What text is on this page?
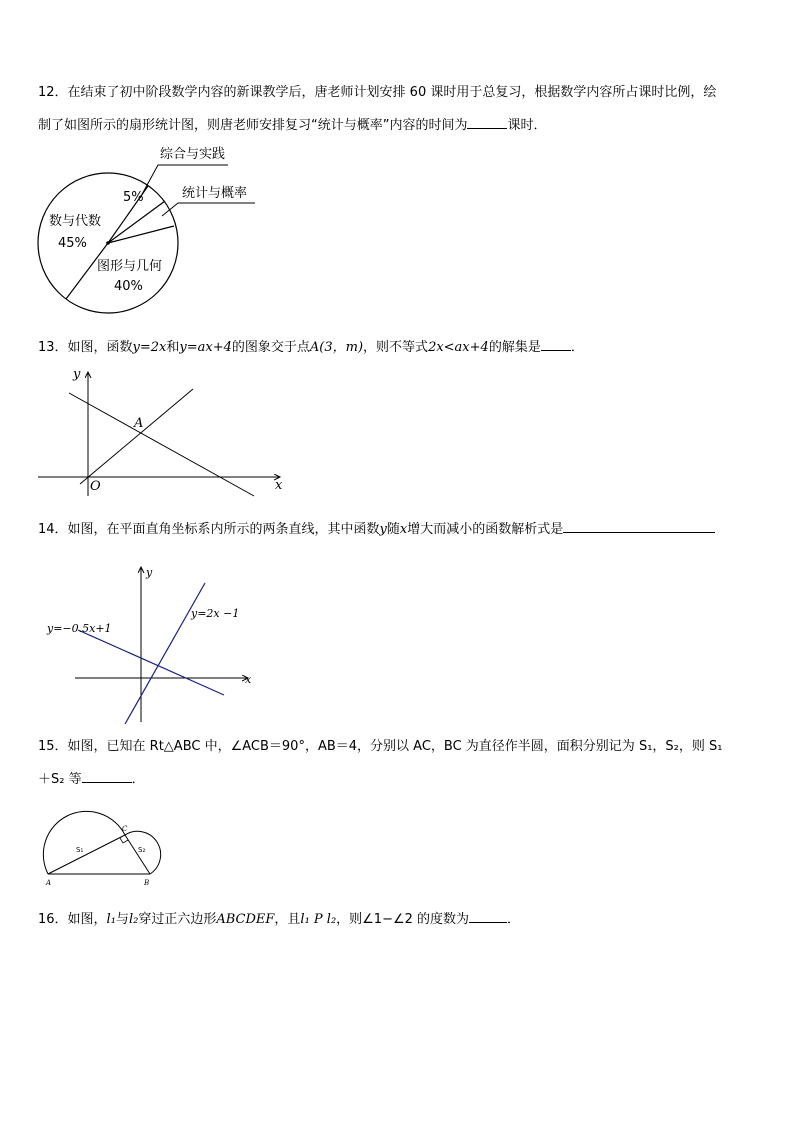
12．在结束了初中阶段数学内容的新课教学后，唐老师计划安排 60 课时用于总复习，根据数学内容所占课时比例，绘
制了如图所示的扇形统计图，则唐老师安排复习“统计与概率”内容的时间为	课时．
综合与实践
统计与概率
5%
数与代数
45%
图形与几何
40%
13．如图，函数y=2x和y=ax+4的图象交于点A(3，m)，则不等式2x<ax+4的解集是 ．
y
x
O
A
14．如图，在平面直角坐标系内所示的两条直线，其中函数y随x增大而减小的函数解析式是
y
x
y=−0.5x+1
y=2x −1
15．如图，已知在 Rt△ABC 中，∠ACB＝90°，AB＝4，分别以 AC，BC 为直径作半圆，面积分别记为 S₁，S₂，则 S₁
＋S₂ 等	．
A	B
C
S₁	S₂
16．如图，l₁与l₂穿过正六边形ABCDEF，且l₁ P l₂，则∠1−∠2 的度数为	．
